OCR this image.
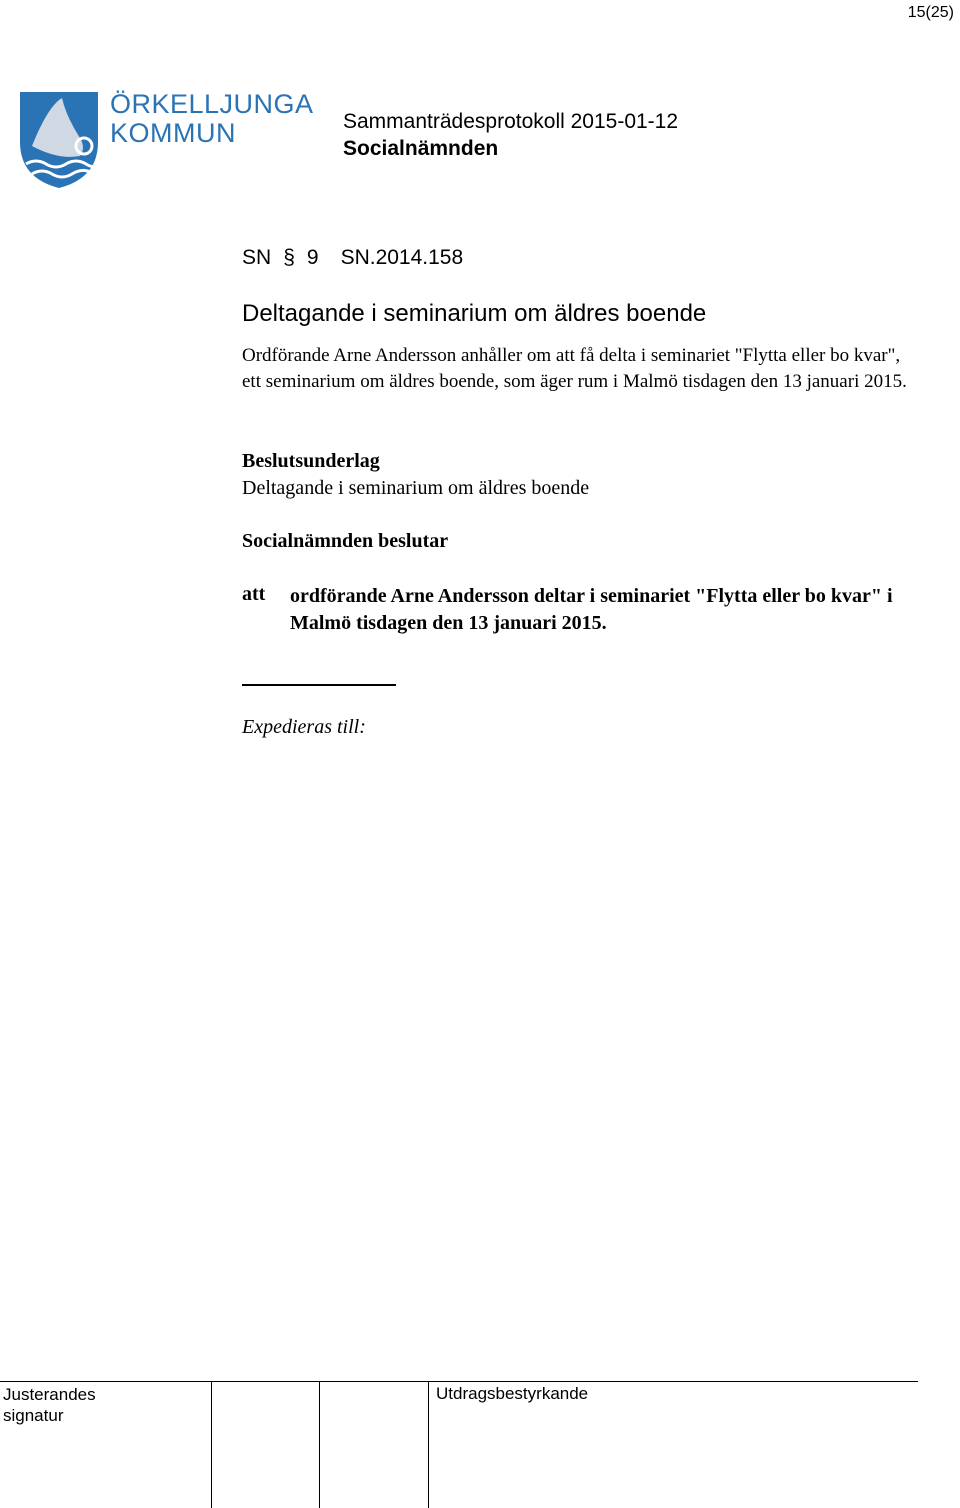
15(25)
ÖRKELLJUNGA
KOMMUN	Sammanträdesprotokoll 2015-01-12
Socialnämnden
SN § 9 SN.2014.158
Deltagande i seminarium om äldres boende
Ordförande Arne Andersson anhåller om att få delta i seminariet "Flytta eller bo kvar", ett seminarium om äldres boende, som äger rum i Malmö tisdagen den 13 januari 2015.
Beslutsunderlag
Deltagande i seminarium om äldres boende
Socialnämnden beslutar
att ordförande Arne Andersson deltar i seminariet "Flytta eller bo kvar" i Malmö tisdagen den 13 januari 2015.
Expedieras till:
Justerandes
signatur
Utdragsbestyrkande
